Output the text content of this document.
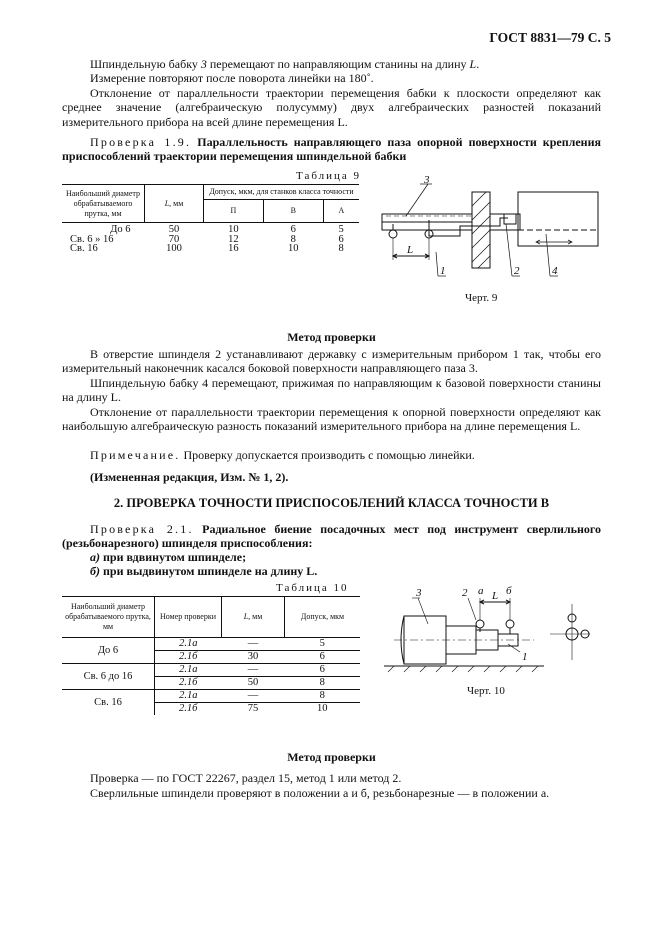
ГОСТ 8831—79 С. 5

Шпиндельную бабку 3 перемещают по направляющим станины на длину L.

Измерение повторяют после поворота линейки на 180˚.

Отклонение от параллельности траектории перемещения бабки к плоскости определяют как среднее значение (алгебраическую полусумму) двух алгебраических разностей показаний измерительного прибора на всей длине перемещения L.

Проверка 1.9. Параллельность направляющего паза опорной поверхности крепления приспособлений траектории перемещения шпиндельной бабки

Таблица 9
Наибольший диаметр обрабатываемого прутка, мм	L, мм	Допуск, мкм, для станков класса точности		
		П	В	А
До 6	50	10	6	5
Св. 6 » 16	70	12	8	6
Св. 16	100	16	10	8
3
L
1	2	4
Черт. 9
Метод проверки

В отверстие шпинделя 2 устанавливают державку с измерительным прибором 1 так, чтобы его измерительный наконечник касался боковой поверхности направляющего паза 3.

Шпиндельную бабку 4 перемещают, прижимая по направляющим к базовой поверхности станины на длину L.

Отклонение от параллельности траектории перемещения к опорной поверхности определяют как наибольшую алгебраическую разность показаний измерительного прибора на длине перемещения L.

Примечание. Проверку допускается производить с помощью линейки.

(Измененная редакция, Изм. № 1, 2).

2. ПРОВЕРКА ТОЧНОСТИ ПРИСПОСОБЛЕНИЙ КЛАССА ТОЧНОСТИ В

Проверка 2.1. Радиальное биение посадочных мест под инструмент сверлильного (резьбонарезного) шпинделя приспособления:

а) при вдвинутом шпинделе;

б) при выдвинутом шпинделе на длину L.

Таблица 10
Наибольший диаметр обрабатываемого прутка, мм	Номер проверки	L, мм	Допуск, мкм
До 6	2.1а	—	5
	2.1б	30	6
Св. 6 до 16	2.1а	—	6
	2.1б	50	8
Св. 16	2.1а	—	8
	2.1б	75	10
3	2 а L б
1
Черт. 10
Метод проверки

Проверка — по ГОСТ 22267, раздел 15, метод 1 или метод 2.

Сверлильные шпиндели проверяют в положении а и б, резьбонарезные — в положении а.
